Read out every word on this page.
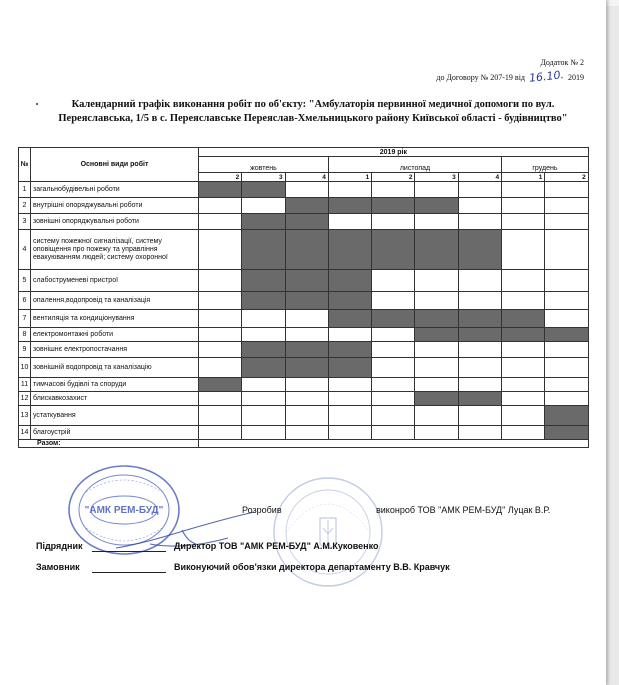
Додаток № 2
до Договору № 207-19 від 16.10. 2019
Календарний графік виконання робіт по об'єкту: "Амбулаторія первинної медичної допомоги по вул.
Переяславська, 1/5 в с. Переяславське Переяслав-Хмельницького району Київської області - будівництво"
№	Основні види робіт	2019 рік								
		жовтень			листопад				грудень	
		2	3	4	1	2	3	4	1	2
1	загальнобудівельні роботи									
2	внутрішні опоряджувальні роботи									
3	зовнішні опоряджувальні роботи									
4	систему пожежної сигналізації, систему оповіщення про пожежу та управління евакуюванням людей; систему охоронної									
5	слабоструменеві пристрої									
6	опалення,водопровід та каналізація									
7	вентиляція та кондиціонування									
8	електромонтажні роботи									
9	зовнішнє електропостачання									
10	зовнішній водопровід та каналізацію									
11	тимчасові будівлі та споруди									
12	блискавкозахист									
13	устаткування									
14	благоустрій									
Разом:										
"АМК РЕМ-БУД"	Розробив	виконроб ТОВ "АМК РЕМ-БУД" Луцак В.Р.
Підрядник	Директор ТОВ "АМК РЕМ-БУД" А.М.Куковенко
Замовник	Виконуючий обов'язки директора департаменту В.В. Кравчук
